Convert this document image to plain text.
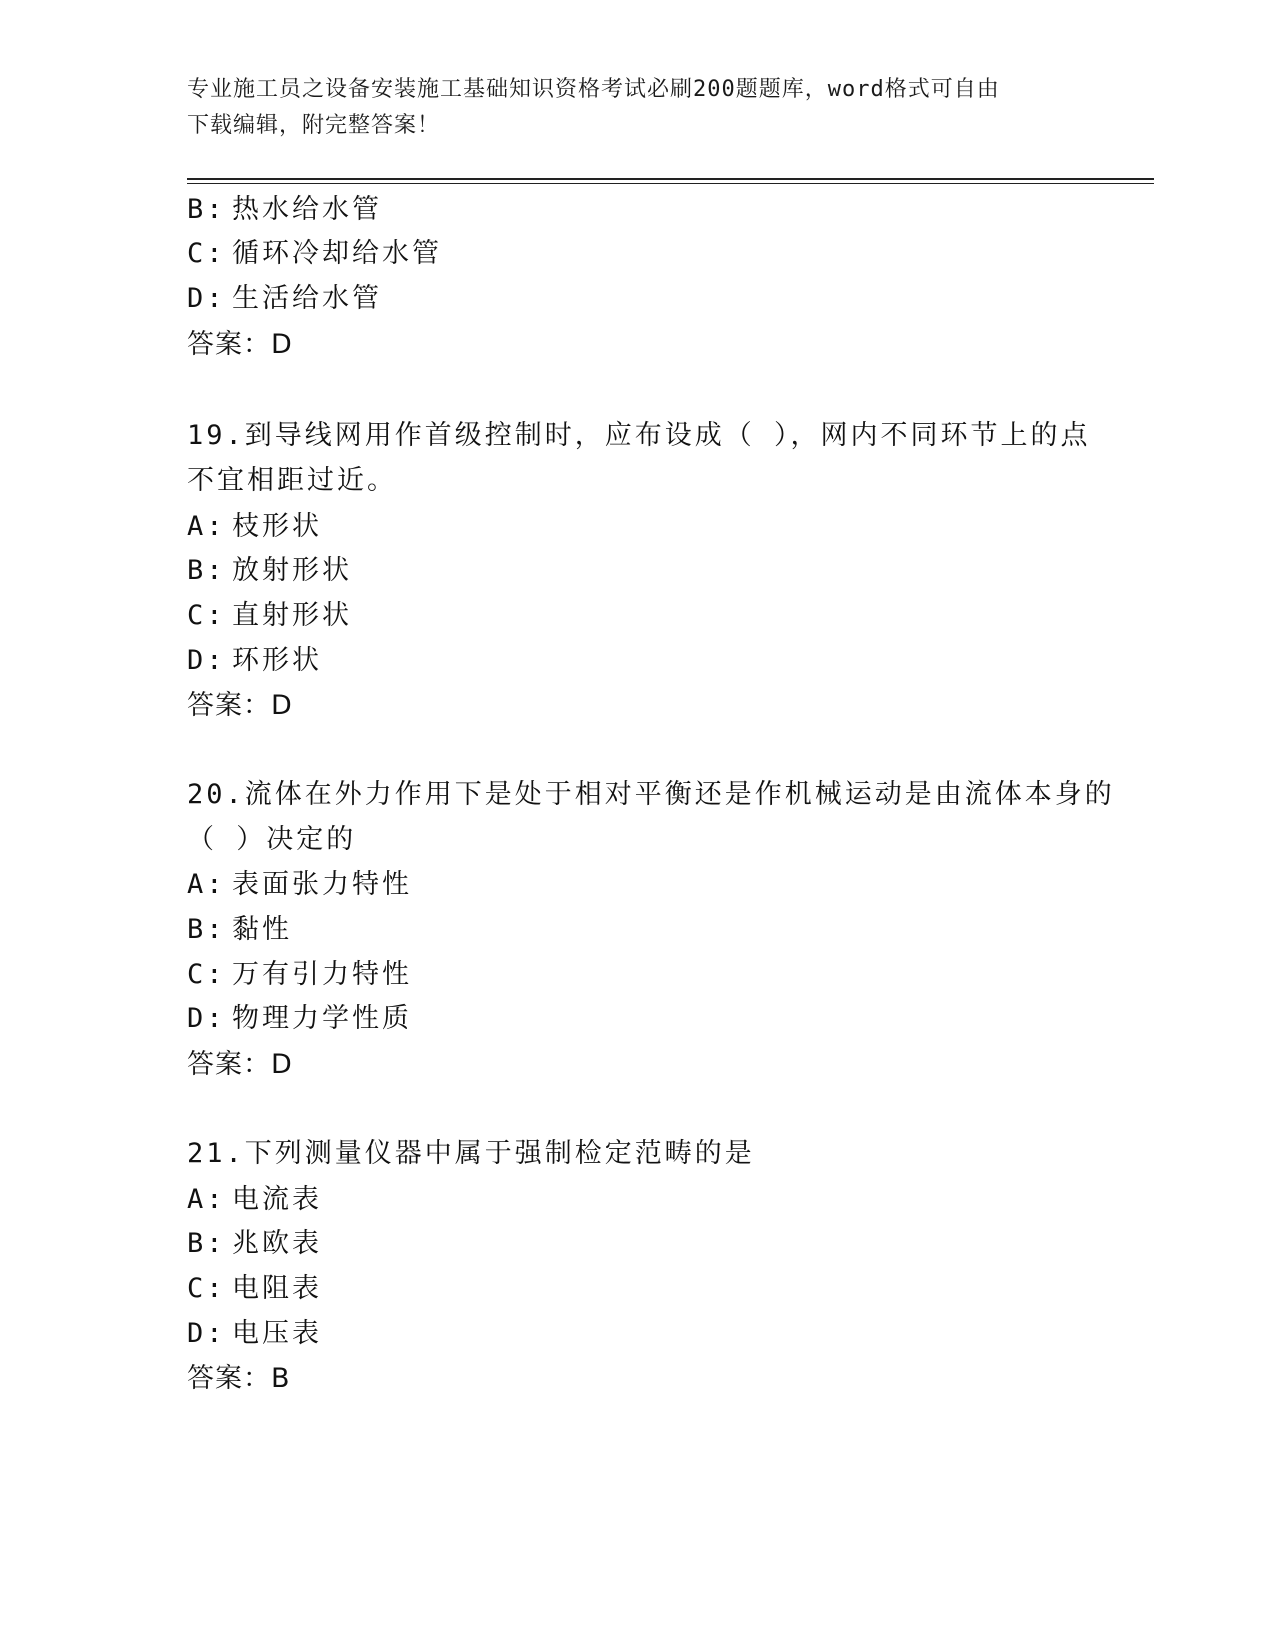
专业施工员之设备安装施工基础知识资格考试必刷200题题库，word格式可自由
下载编辑，附完整答案！
B: 热水给水管
C: 循环冷却给水管
D: 生活给水管
答案：D
19.到导线网用作首级控制时，应布设成（ ），网内不同环节上的点
不宜相距过近。
A: 枝形状
B: 放射形状
C: 直射形状
D: 环形状
答案：D
20.流体在外力作用下是处于相对平衡还是作机械运动是由流体本身的
（ ）决定的
A: 表面张力特性
B: 黏性
C: 万有引力特性
D: 物理力学性质
答案：D
21.下列测量仪器中属于强制检定范畴的是
A: 电流表
B: 兆欧表
C: 电阻表
D: 电压表
答案：B
